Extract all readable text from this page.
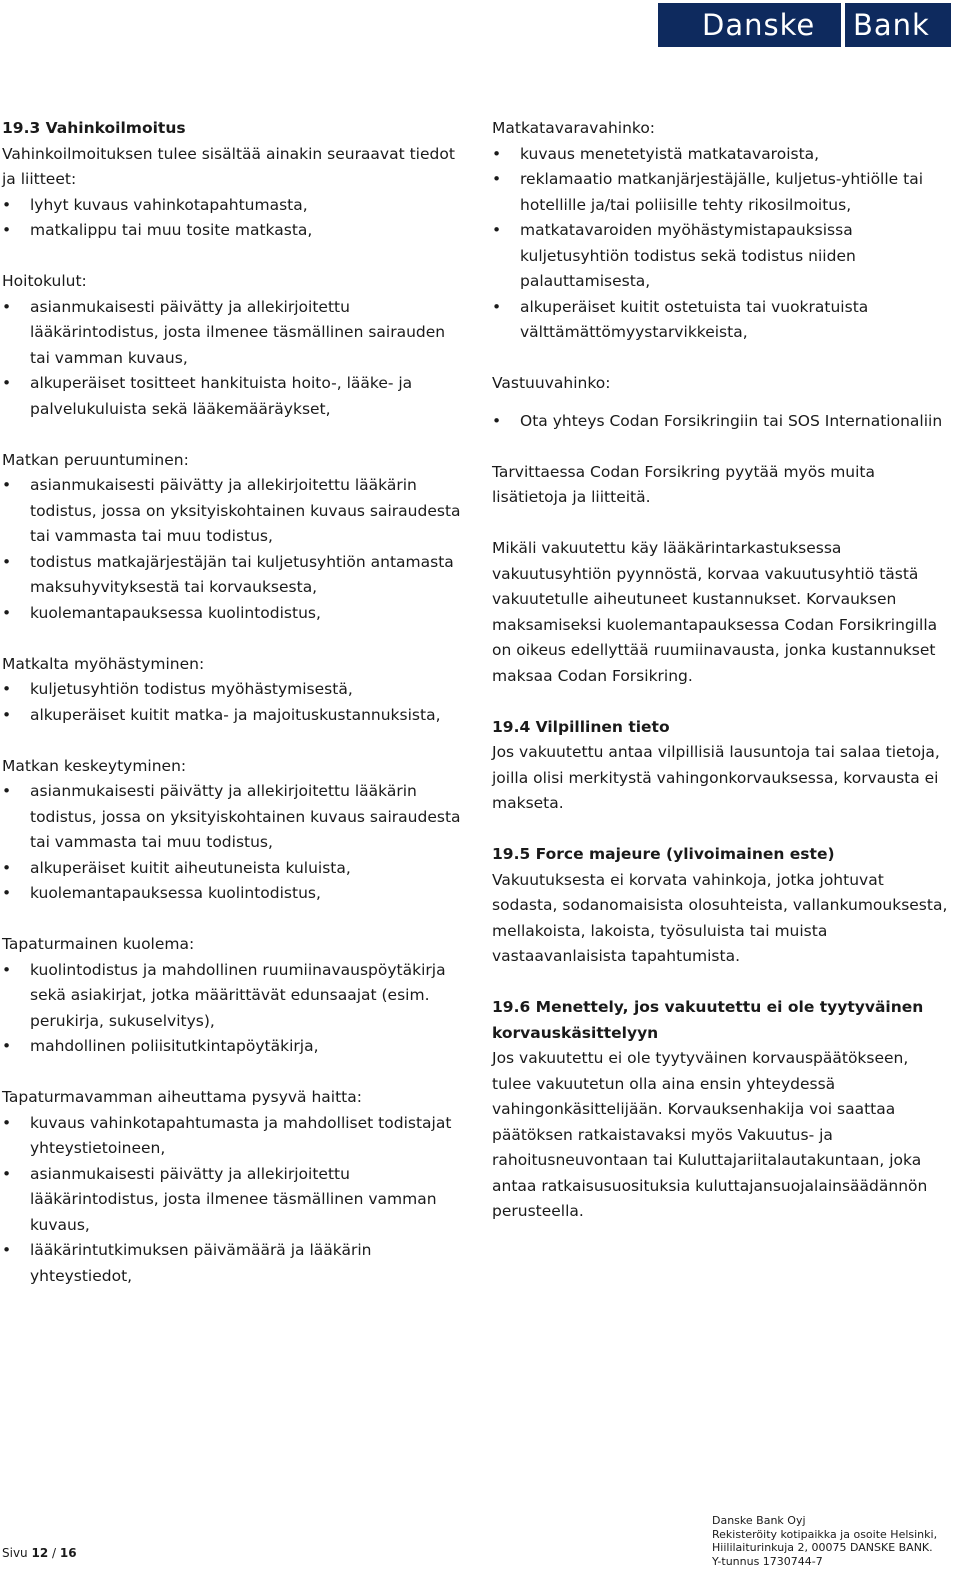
Danske	Bank

19.3 Vahinkoilmoitus

Vahinkoilmoituksen tulee sisältää ainakin seuraavat tiedot ja liitteet:

• lyhyt kuvaus vahinkotapahtumasta,
• matkalippu tai muu tosite matkasta,

Hoitokulut:

• asianmukaisesti päivätty ja allekirjoitettu lääkärintodistus, josta ilmenee täsmällinen sairauden tai vamman kuvaus,
• alkuperäiset tositteet hankituista hoito-, lääke- ja palvelukuluista sekä lääkemääräykset,

Matkan peruuntuminen:

• asianmukaisesti päivätty ja allekirjoitettu lääkärin todistus, jossa on yksityiskohtainen kuvaus sairaudesta tai vammasta tai muu todistus,
• todistus matkajärjestäjän tai kuljetusyhtiön antamasta maksuhyvityksestä tai korvauksesta,
• kuolemantapauksessa kuolintodistus,

Matkalta myöhästyminen:

• kuljetusyhtiön todistus myöhästymisestä,
• alkuperäiset kuitit matka- ja majoituskustannuksista,

Matkan keskeytyminen:

• asianmukaisesti päivätty ja allekirjoitettu lääkärin todistus, jossa on yksityiskohtainen kuvaus sairaudesta tai vammasta tai muu todistus,
• alkuperäiset kuitit aiheutuneista kuluista,
• kuolemantapauksessa kuolintodistus,

Tapaturmainen kuolema:

• kuolintodistus ja mahdollinen ruumiinavauspöytäkirja sekä asiakirjat, jotka määrittävät edunsaajat (esim. perukirja, sukuselvitys),
• mahdollinen poliisitutkintapöytäkirja,

Tapaturmavamman aiheuttama pysyvä haitta:

• kuvaus vahinkotapahtumasta ja mahdolliset todistajat yhteystietoineen,
• asianmukaisesti päivätty ja allekirjoitettu lääkärintodistus, josta ilmenee täsmällinen vamman kuvaus,
• lääkärintutkimuksen päivämäärä ja lääkärin yhteystiedot,

Matkatavaravahinko:

• kuvaus menetetyistä matkatavaroista,
• reklamaatio matkanjärjestäjälle, kuljetus-yhtiölle tai hotellille ja/tai poliisille tehty rikosilmoitus,
• matkatavaroiden myöhästymistapauksissa kuljetusyhtiön todistus sekä todistus niiden palauttamisesta,
• alkuperäiset kuitit ostetuista tai vuokratuista välttämättömyystarvikkeista,

Vastuuvahinko:

• Ota yhteys Codan Forsikringiin tai SOS Internationaliin

Tarvittaessa Codan Forsikring pyytää myös muita lisätietoja ja liitteitä.

Mikäli vakuutettu käy lääkärintarkastuksessa vakuutusyhtiön pyynnöstä, korvaa vakuutusyhtiö tästä vakuutetulle aiheutuneet kustannukset. Korvauksen maksamiseksi kuolemantapauksessa Codan Forsikringilla on oikeus edellyttää ruumiinavausta, jonka kustannukset maksaa Codan Forsikring.

19.4 Vilpillinen tieto

Jos vakuutettu antaa vilpillisiä lausuntoja tai salaa tietoja, joilla olisi merkitystä vahingonkorvauksessa, korvausta ei makseta.

19.5 Force majeure (ylivoimainen este)

Vakuutuksesta ei korvata vahinkoja, jotka johtuvat sodasta, sodanomaisista olosuhteista, vallankumouksesta, mellakoista, lakoista, työsuluista tai muista vastaavanlaisista tapahtumista.

19.6 Menettely, jos vakuutettu ei ole tyytyväinen korvauskäsittelyyn

Jos vakuutettu ei ole tyytyväinen korvauspäätökseen, tulee vakuutetun olla aina ensin yhteydessä vahingonkäsittelijään. Korvauksenhakija voi saattaa päätöksen ratkaistavaksi myös Vakuutus- ja rahoitusneuvontaan tai Kuluttajariitalautakuntaan, joka antaa ratkaisusuosituksia kuluttajansuojalainsäädännön perusteella.

Sivu 12 / 16
Danske Bank Oyj
Rekisteröity kotipaikka ja osoite Helsinki,
Hiililaiturinkuja 2, 00075 DANSKE BANK.
Y-tunnus 1730744-7
